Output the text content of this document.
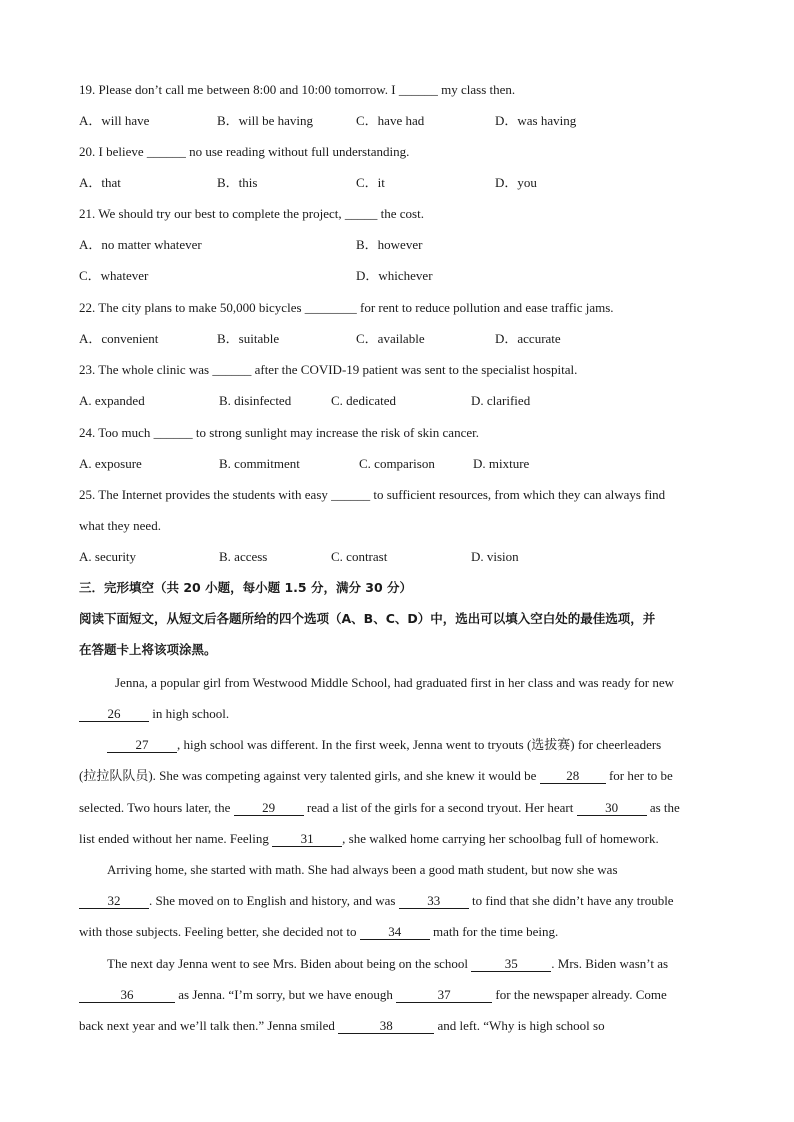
19. Please don’t call me between 8:00 and 10:00 tomorrow. I ______ my class then.
A．will have	B．will be having	C．have had	D．was having
20. I believe ______ no use reading without full understanding.
A．that	B．this	C．it	D．you
21. We should try our best to complete the project, _____ the cost.
A．no matter whatever	B．however
C．whatever	D．whichever
22. The city plans to make 50,000 bicycles ________ for rent to reduce pollution and ease traffic jams.
A．convenient	B．suitable	C．available	D．accurate
23. The whole clinic was ______ after the COVID-19 patient was sent to the specialist hospital.
A. expanded	B. disinfected	C. dedicated	D. clarified
24. Too much ______ to strong sunlight may increase the risk of skin cancer.
A. exposure	B. commitment	C. comparison	D. mixture
25. The Internet provides the students with easy ______ to sufficient resources, from which they can always find
what they need.
A. security	B. access	C. contrast	D. vision
三．完形填空（共 20 小题，每小题 1.5 分，满分 30 分）
阅读下面短文，从短文后各题所给的四个选项（A、B、C、D）中，选出可以填入空白处的最佳选项，并
在答题卡上将该项涂黑。
Jenna, a popular girl from Westwood Middle School, had graduated first in her class and was ready for new
26 in high school.
27 , high school was different. In the first week, Jenna went to tryouts (选拔赛) for cheerleaders
(拉拉队队员). She was competing against very talented girls, and she knew it would be 28 for her to be
selected. Two hours later, the 29 read a list of the girls for a second tryout. Her heart 30 as the
list ended without her name. Feeling 31 , she walked home carrying her schoolbag full of homework.
Arriving home, she started with math. She had always been a good math student, but now she was
32 . She moved on to English and history, and was 33 to find that she didn’t have any trouble
with those subjects. Feeling better, she decided not to 34 math for the time being.
The next day Jenna went to see Mrs. Biden about being on the school	35	. Mrs. Biden wasn’t as
36	as Jenna. “I’m sorry, but we have enough	37	for the newspaper already. Come
back next year and we’ll talk then.” Jenna smiled	38	and left. “Why is high school so
